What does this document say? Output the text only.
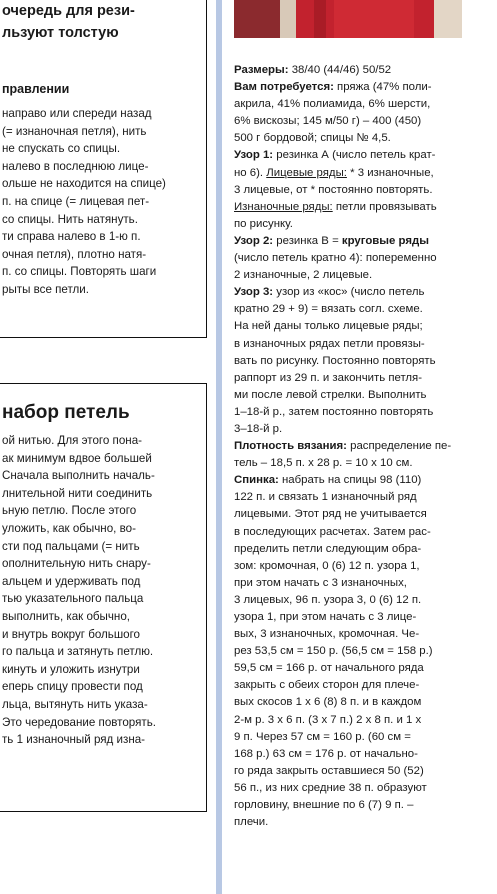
очередь для рези-
льзуют толстую
правлении
направо или спереди назад
(= изнаночная петля), нить
не спускать со спицы.
налево в последнюю лице-
ольше не находится на спице)
п. на спице (= лицевая пет-
со спицы. Нить натянуть.
ти справа налево в 1-ю п.
очная петля), плотно натя-
п. со спицы. Повторять шаги
рыты все петли.
набор петель
ой нитью. Для этого пона-
ак минимум вдвое большей
Сначала выполнить началь-
лнительной нити соединить
ьную петлю. После этого
уложить, как обычно, во-
сти под пальцами (= нить
ополнительную нить снару-
альцем и удерживать под
тью указательного пальца
выполнить, как обычно,
и внутрь вокруг большого
го пальца и затянуть петлю.
кинуть и уложить изнутри
еперь спицу провести под
льца, вытянуть нить указа-
Это чередование повторять.
ть 1 изнаночный ряд изна-
Размеры: 38/40 (44/46) 50/52
Вам потребуется: пряжа (47% поли-
акрила, 41% полиамида, 6% шерсти,
6% вискозы; 145 м/50 г) – 400 (450)
500 г бордовой; спицы № 4,5.
Узор 1: резинка А (число петель крат-
но 6). Лицевые ряды: * 3 изнаночные,
3 лицевые, от * постоянно повторять.
Изнаночные ряды: петли провязывать
по рисунку.
Узор 2: резинка В = круговые ряды
(число петель кратно 4): попеременно
2 изнаночные, 2 лицевые.
Узор 3: узор из «кос» (число петель
кратно 29 + 9) = вязать согл. схеме.
На ней даны только лицевые ряды;
в изнаночных рядах петли провязы-
вать по рисунку. Постоянно повторять
раппорт из 29 п. и закончить петля-
ми после левой стрелки. Выполнить
1–18-й р., затем постоянно повторять
3–18-й р.
Плотность вязания: распределение пе-
тель – 18,5 п. х 28 р. = 10 х 10 см.
Спинка: набрать на спицы 98 (110)
122 п. и связать 1 изнаночный ряд
лицевыми. Этот ряд не учитывается
в последующих расчетах. Затем рас-
пределить петли следующим обра-
зом: кромочная, 0 (6) 12 п. узора 1,
при этом начать с 3 изнаночных,
3 лицевых, 96 п. узора 3, 0 (6) 12 п.
узора 1, при этом начать с 3 лице-
вых, 3 изнаночных, кромочная. Че-
рез 53,5 см = 150 р. (56,5 см = 158 р.)
59,5 см = 166 р. от начального ряда
закрыть с обеих сторон для плече-
вых скосов 1 х 6 (8) 8 п. и в каждом
2-м р. 3 х 6 п. (3 х 7 п.) 2 х 8 п. и 1 х
9 п. Через 57 см = 160 р. (60 см =
168 р.) 63 см = 176 р. от начально-
го ряда закрыть оставшиеся 50 (52)
56 п., из них средние 38 п. образуют
горловину, внешние по 6 (7) 9 п. –
плечи.
